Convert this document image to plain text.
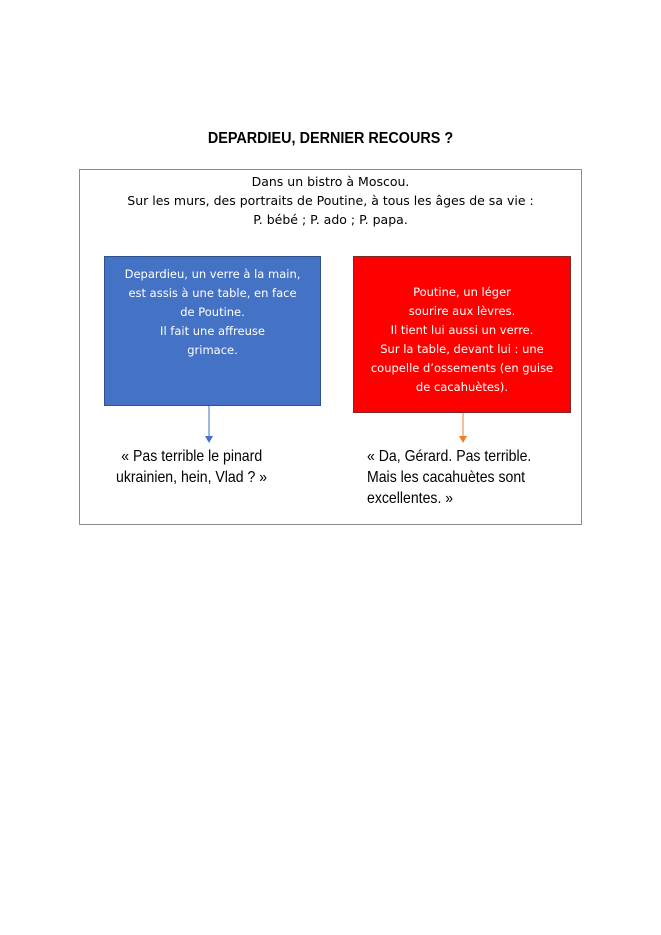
DEPARDIEU, DERNIER RECOURS ?
Dans un bistro à Moscou.
Sur les murs, des portraits de Poutine, à tous les âges de sa vie :
P. bébé ; P. ado ; P. papa.
Depardieu, un verre à la main,
est assis à une table, en face
de Poutine.
Il fait une affreuse
grimace.
Poutine, un léger
sourire aux lèvres.
Il tient lui aussi un verre.
Sur la table, devant lui : une
coupelle d’ossements (en guise
de cacahuètes).
« Pas terrible le pinard
ukrainien, hein, Vlad ? »
« Da, Gérard. Pas terrible.
Mais les cacahuètes sont
excellentes. »
